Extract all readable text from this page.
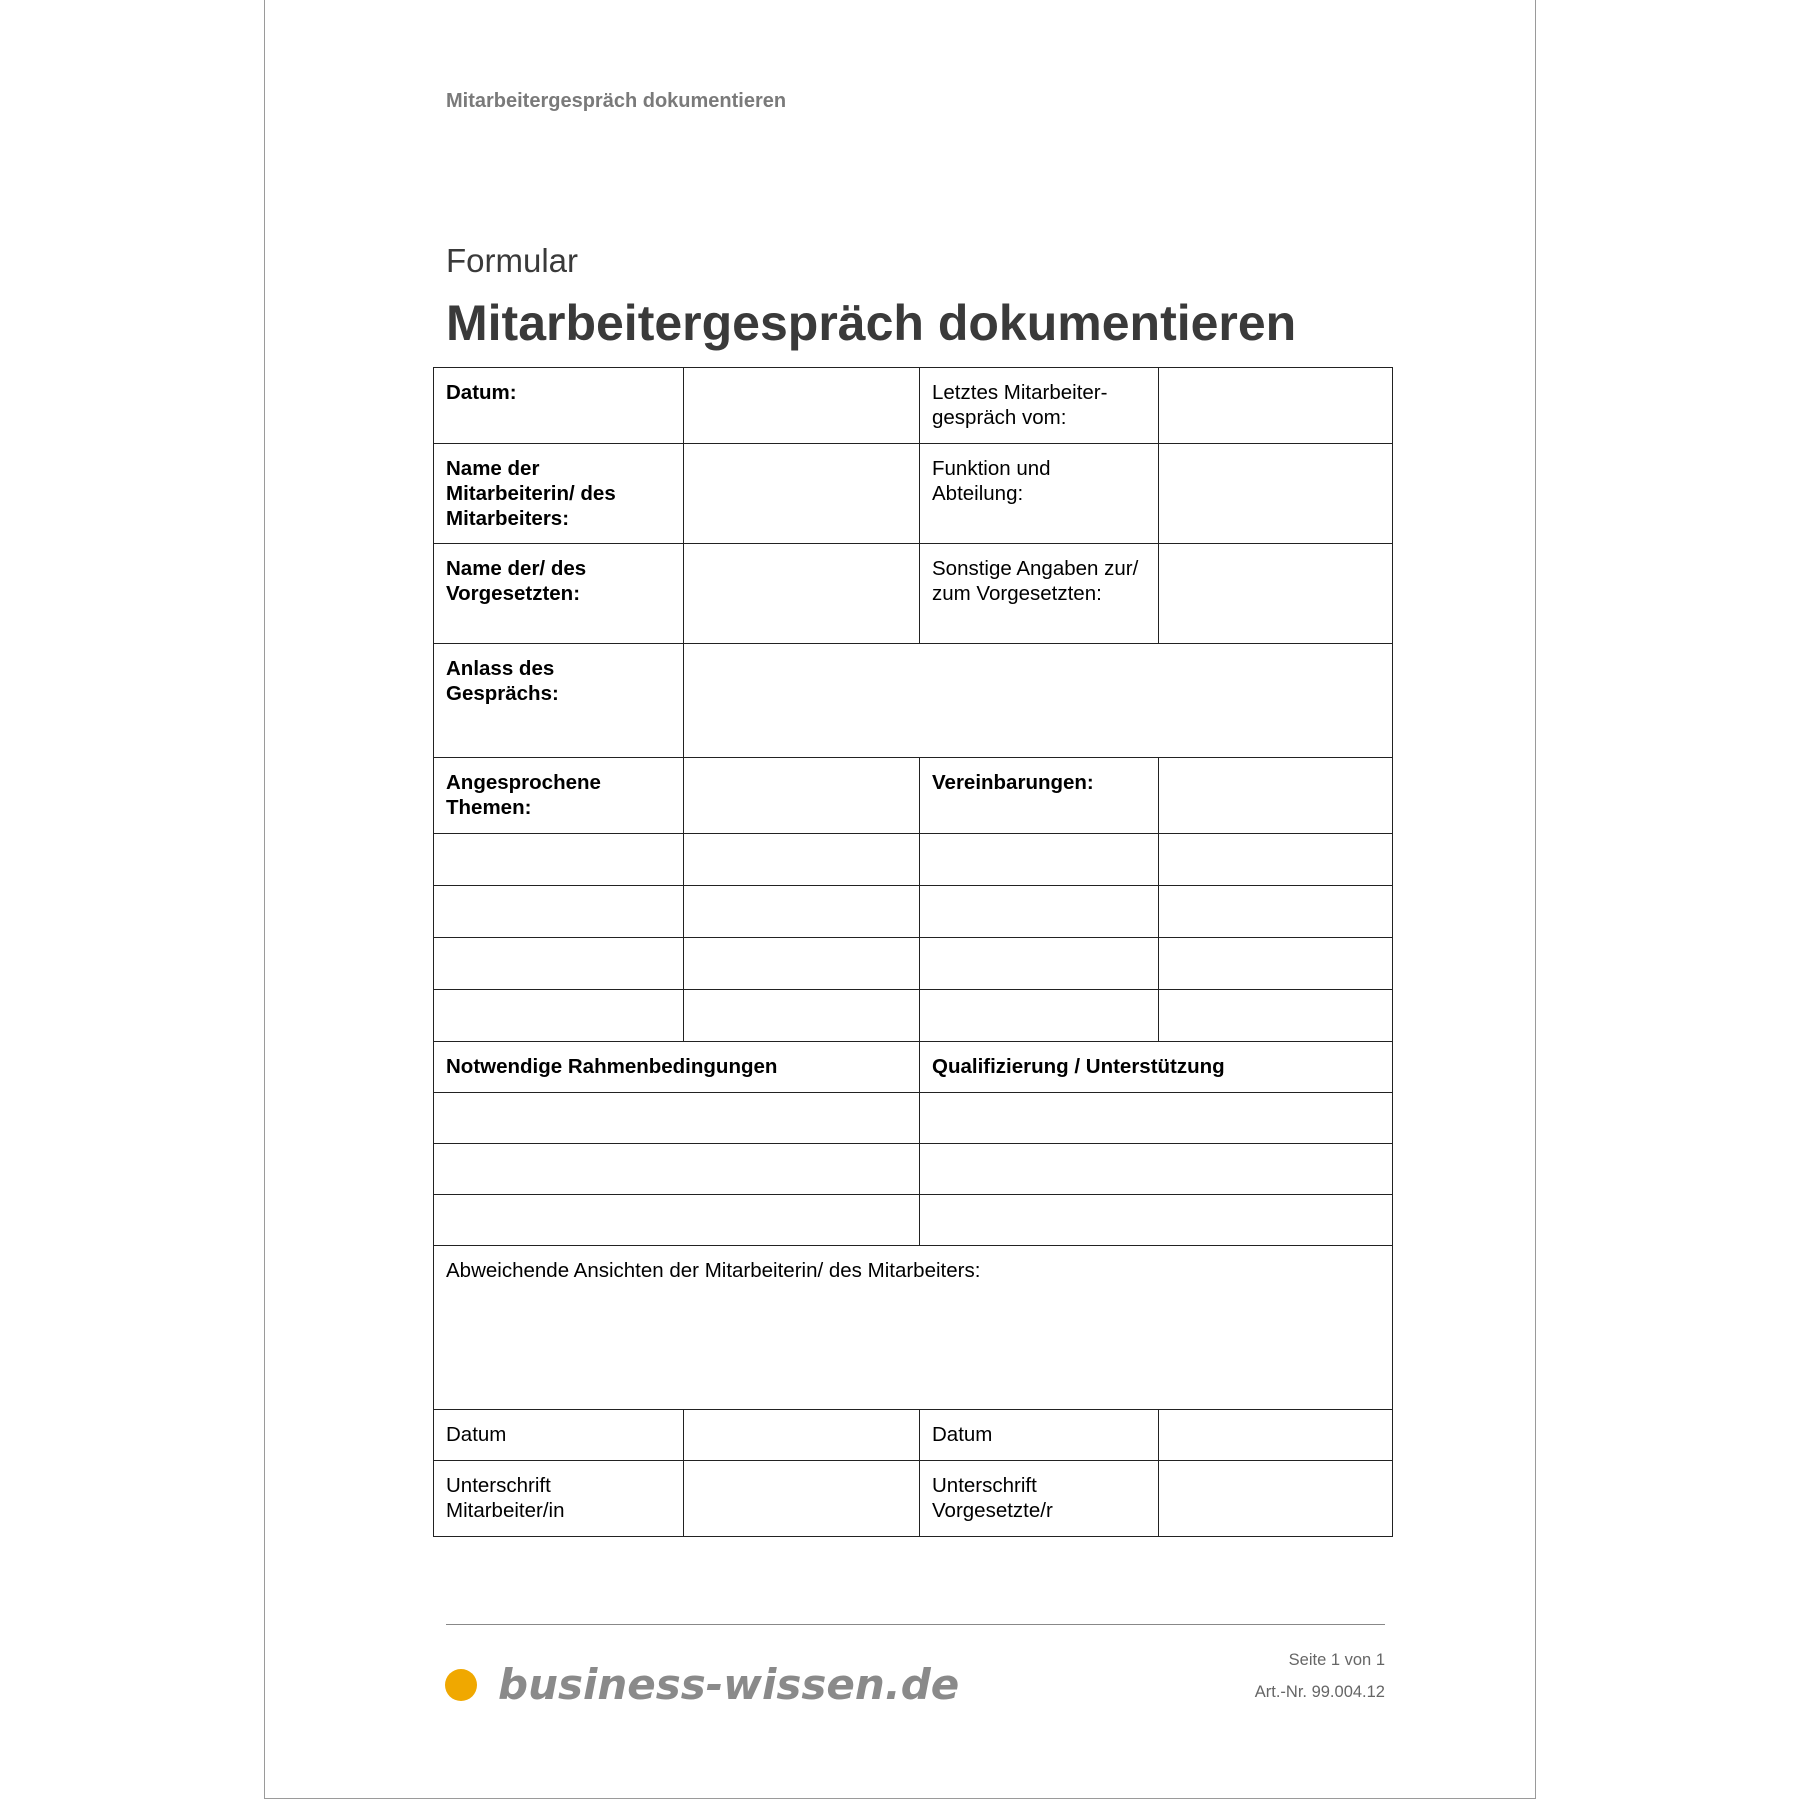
Mitarbeitergespräch dokumentieren
Formular
Mitarbeitergespräch dokumentieren
Datum:		Letztes Mitarbeiter-gespräch vom:	
Name der Mitarbeiterin/ des Mitarbeiters:		Funktion und Abteilung:	
Name der/ des Vorgesetzten:		Sonstige Angaben zur/ zum Vorgesetzten:	
Anlass des Gesprächs:			
Angesprochene Themen:		Vereinbarungen:	

Notwendige Rahmenbedingungen		Qualifizierung / Unterstützung	

Abweichende Ansichten der Mitarbeiterin/ des Mitarbeiters:			
Datum		Datum	
Unterschrift Mitarbeiter/in		Unterschrift Vorgesetzte/r	
business-wissen.de	Seite 1 von 1
Art.-Nr. 99.004.12
